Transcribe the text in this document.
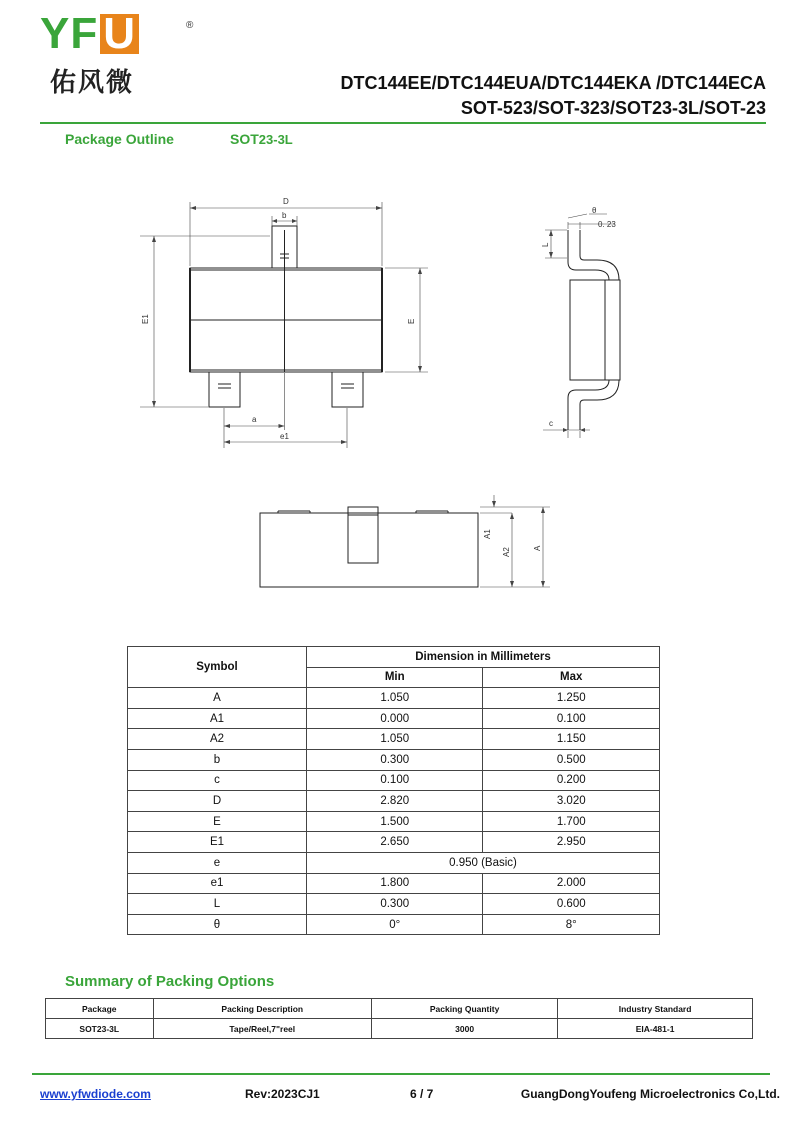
YF U	®
佑风微	DTC144EE/DTC144EUA/DTC144EKA /DTC144ECA
SOT-523/SOT-323/SOT23-3L/SOT-23
Package Outline	SOT23-3L
D
b
E1	E
a
e1
θ
0. 23
L
c
A1
A2	A
Symbol	Dimension in Millimeters	
	Min	Max
A	1.050	1.250
A1	0.000	0.100
A2	1.050	1.150
b	0.300	0.500
c	0.100	0.200
D	2.820	3.020
E	1.500	1.700
E1	2.650	2.950
e	0.950 (Basic)	
e1	1.800	2.000
L	0.300	0.600
θ	0°	8°
Summary of Packing Options
Package	Packing Description	Packing Quantity	Industry Standard
SOT23-3L	Tape/Reel,7"reel	3000	EIA-481-1
www.yfwdiode.com	Rev:2023CJ1	6 / 7	GuangDongYoufeng Microelectronics Co,Ltd.
